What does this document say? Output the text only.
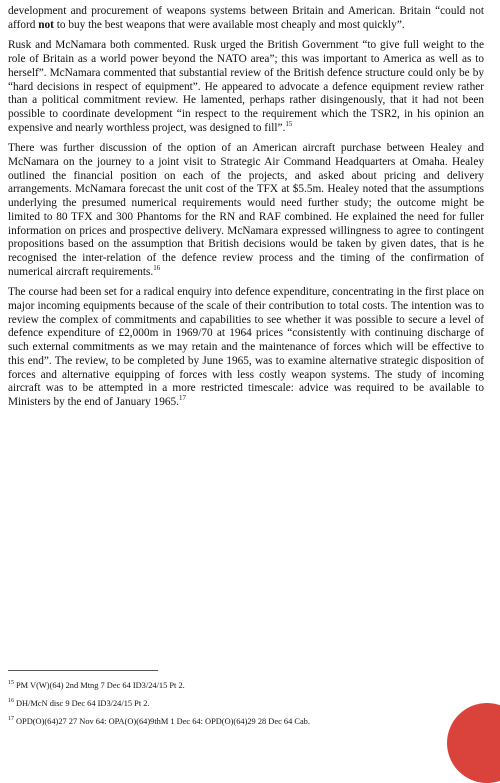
development and procurement of weapons systems between Britain and American. Britain “could not afford not to buy the best weapons that were available most cheaply and most quickly”.

Rusk and McNamara both commented. Rusk urged the British Government “to give full weight to the role of Britain as a world power beyond the NATO area”; this was important to America as well as to herself”. McNamara commented that substantial review of the British defence structure could only be by “hard decisions in respect of equipment”. He appeared to advocate a defence equipment review rather than a political commitment review. He lamented, perhaps rather disingenously, that it had not been possible to coordinate development “in respect to the requirement which the TSR2, in his opinion an expensive and nearly worthless project, was designed to fill”.$^{15}$

There was further discussion of the option of an American aircraft purchase between Healey and McNamara on the journey to a joint visit to Strategic Air Command Headquarters at Omaha. Healey outlined the financial position on each of the projects, and asked about pricing and delivery arrangements. McNamara forecast the unit cost of the TFX at $5.5m. Healey noted that the assumptions underlying the presumed numerical requirements would need further study; the outcome might be limited to 80 TFX and 300 Phantoms for the RN and RAF combined. He explained the need for fuller information on prices and prospective delivery. McNamara expressed willingness to agree to contingent propositions based on the assumption that British decisions would be taken by given dates, that is he recognised the inter-relation of the defence review process and the timing of the confirmation of numerical aircraft requirements.$^{16}$

The course had been set for a radical enquiry into defence expenditure, concentrating in the first place on major incoming equipments because of the scale of their contribution to total costs. The intention was to review the complex of commitments and capabilities to see whether it was possible to secure a level of defence expenditure of £2,000m in 1969/70 at 1964 prices “consistently with continuing discharge of such external commitments as we may retain and the maintenance of forces which will be effective to this end”. The review, to be completed by June 1965, was to examine alternative strategic disposition of forces and alternative equipping of forces with less costly weapon systems. The study of incoming aircraft was to be attempted in a more restricted timescale: advice was required to be available to Ministers by the end of January 1965.17

$^{15}$ PM V(W)(64) 2nd Mtng 7 Dec 64 ID3/24/15 Pt 2.
$^{16}$ DH/McN disc 9 Dec 64 ID3/24/15 Pt 2.
$^{17}$ OPD(O)(64)27 27 Nov 64: OPA(O)(64)9thM 1 Dec 64: OPD(O)(64)29 28 Dec 64 Cab.
